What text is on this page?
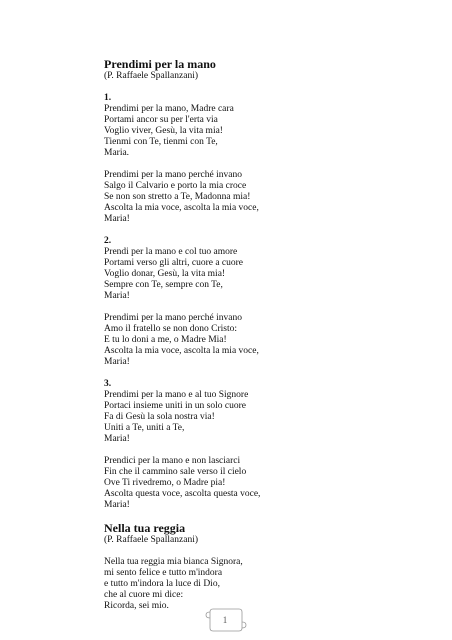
Prendimi per la mano
(P. Raffaele Spallanzani)
1.
Prendimi per la mano, Madre cara
Portami ancor su per l'erta via
Voglio viver, Gesù, la vita mia!
Tienmi con Te, tienmi con Te,
Maria.
Prendimi per la mano perché invano
Salgo il Calvario e porto la mia croce
Se non son stretto a Te, Madonna mia!
Ascolta la mia voce, ascolta la mia voce,
Maria!
2.
Prendi per la mano e col tuo amore
Portami verso gli altri, cuore a cuore
Voglio donar, Gesù, la vita mia!
Sempre con Te, sempre con Te,
Maria!
Prendimi per la mano perché invano
Amo il fratello se non dono Cristo:
E tu lo doni a me, o Madre Mia!
Ascolta la mia voce, ascolta la mia voce,
Maria!
3.
Prendimi per la mano e al tuo Signore
Portaci insieme uniti in un solo cuore
Fa di Gesù la sola nostra via!
Uniti a Te, uniti a Te,
Maria!
Prendici per la mano e non lasciarci
Fin che il cammino sale verso il cielo
Ove Ti rivedremo, o Madre pia!
Ascolta questa voce, ascolta questa voce,
Maria!
Nella tua reggia
(P. Raffaele Spallanzani)
Nella tua reggia mia bianca Signora,
mi sento felice e tutto m'indora
e tutto m'indora la luce di Dio,
che al cuore mi dice:
Ricorda, sei mio.
1
